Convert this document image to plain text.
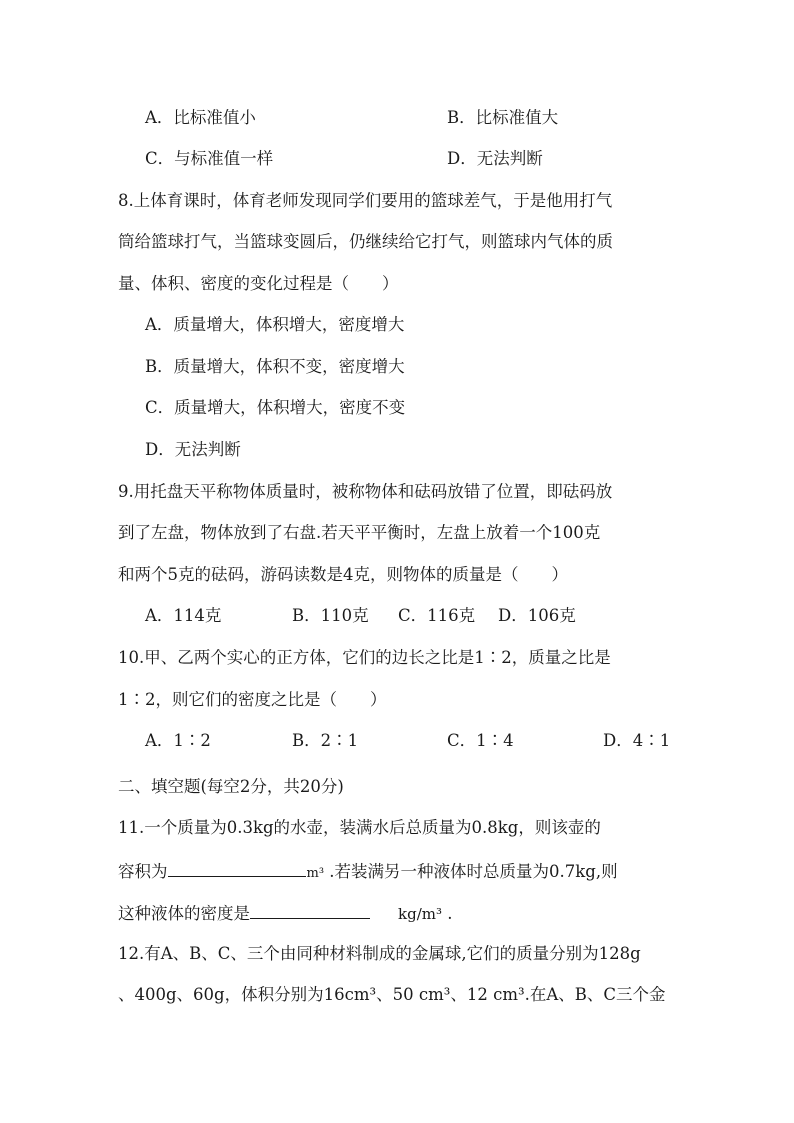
A．比标准值小	B．比标准值大
C．与标准值一样	D．无法判断
8.上体育课时，体育老师发现同学们要用的篮球差气，于是他用打气
筒给篮球打气，当篮球变圆后，仍继续给它打气，则篮球内气体的质
量、体积、密度的变化过程是（　　）
A．质量增大，体积增大，密度增大
B．质量增大，体积不变，密度增大
C．质量增大，体积增大，密度不变
D．无法判断
9.用托盘天平称物体质量时，被称物体和砝码放错了位置，即砝码放
到了左盘，物体放到了右盘.若天平平衡时，左盘上放着一个100克
和两个5克的砝码，游码读数是4克，则物体的质量是（　　）
A．114克	B．110克 C．116克 D．106克
10.甲、乙两个实心的正方体，它们的边长之比是1∶2，质量之比是
1∶2，则它们的密度之比是（　　）
A．1∶2	B．2∶1	C．1∶4	D．4∶1
二、填空题(每空2分，共20分)
11.一个质量为0.3kg的水壶，装满水后总质量为0.8kg，则该壶的
容积为	m³ .若装满另一种液体时总质量为0.7kg,则
这种液体的密度是	kg/m³ .
12.有A、B、C、三个由同种材料制成的金属球,它们的质量分别为128g
、400g、60g，体积分别为16cm³、50 cm³、12 cm³.在A、B、C三个金
